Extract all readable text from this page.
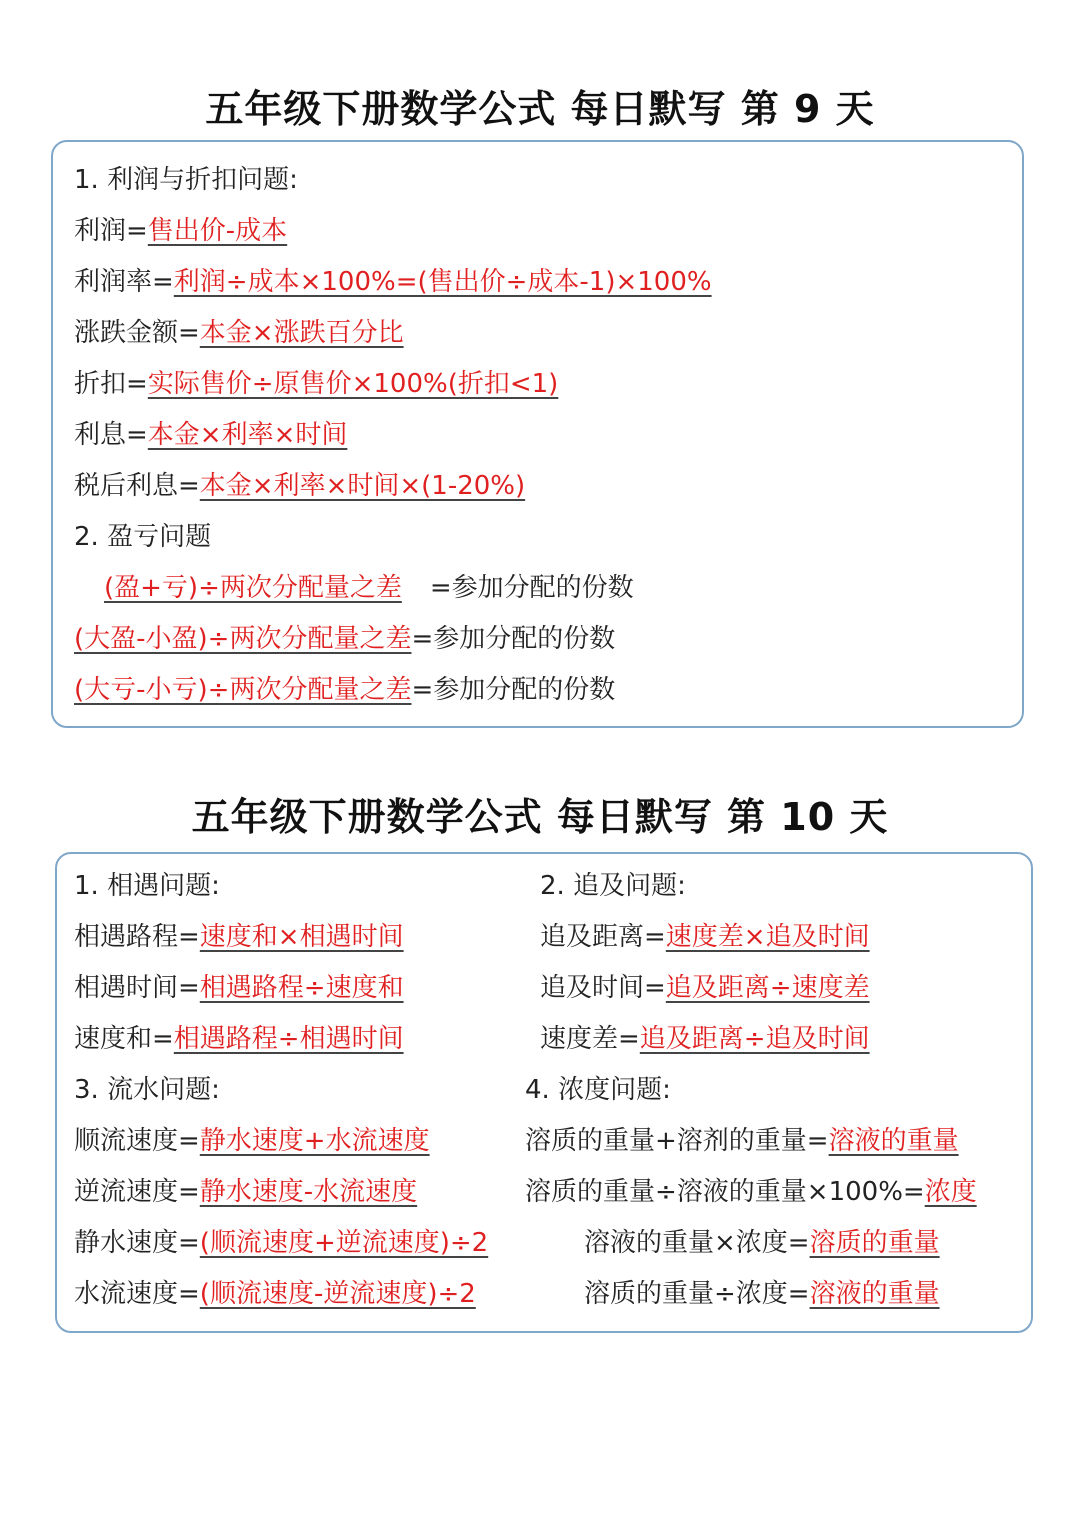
五年级下册数学公式 每日默写 第 9 天
1. 利润与折扣问题:
利润=售出价-成本
利润率=利润÷成本×100%=(售出价÷成本-1)×100%
涨跌金额=本金×涨跌百分比
折扣=实际售价÷原售价×100%(折扣<1)
利息=本金×利率×时间
税后利息=本金×利率×时间×(1-20%)
2. 盈亏问题
(盈+亏)÷两次分配量之差 =参加分配的份数
(大盈-小盈)÷两次分配量之差=参加分配的份数
(大亏-小亏)÷两次分配量之差=参加分配的份数
五年级下册数学公式 每日默写 第 10 天
1. 相遇问题:
相遇路程=速度和×相遇时间
相遇时间=相遇路程÷速度和
速度和=相遇路程÷相遇时间
2. 追及问题:
追及距离=速度差×追及时间
追及时间=追及距离÷速度差
速度差=追及距离÷追及时间
3. 流水问题:
顺流速度=静水速度+水流速度
逆流速度=静水速度-水流速度
静水速度=(顺流速度+逆流速度)÷2
水流速度=(顺流速度-逆流速度)÷2
4. 浓度问题:
溶质的重量+溶剂的重量=溶液的重量
溶质的重量÷溶液的重量×100%=浓度
溶液的重量×浓度=溶质的重量
溶质的重量÷浓度=溶液的重量
